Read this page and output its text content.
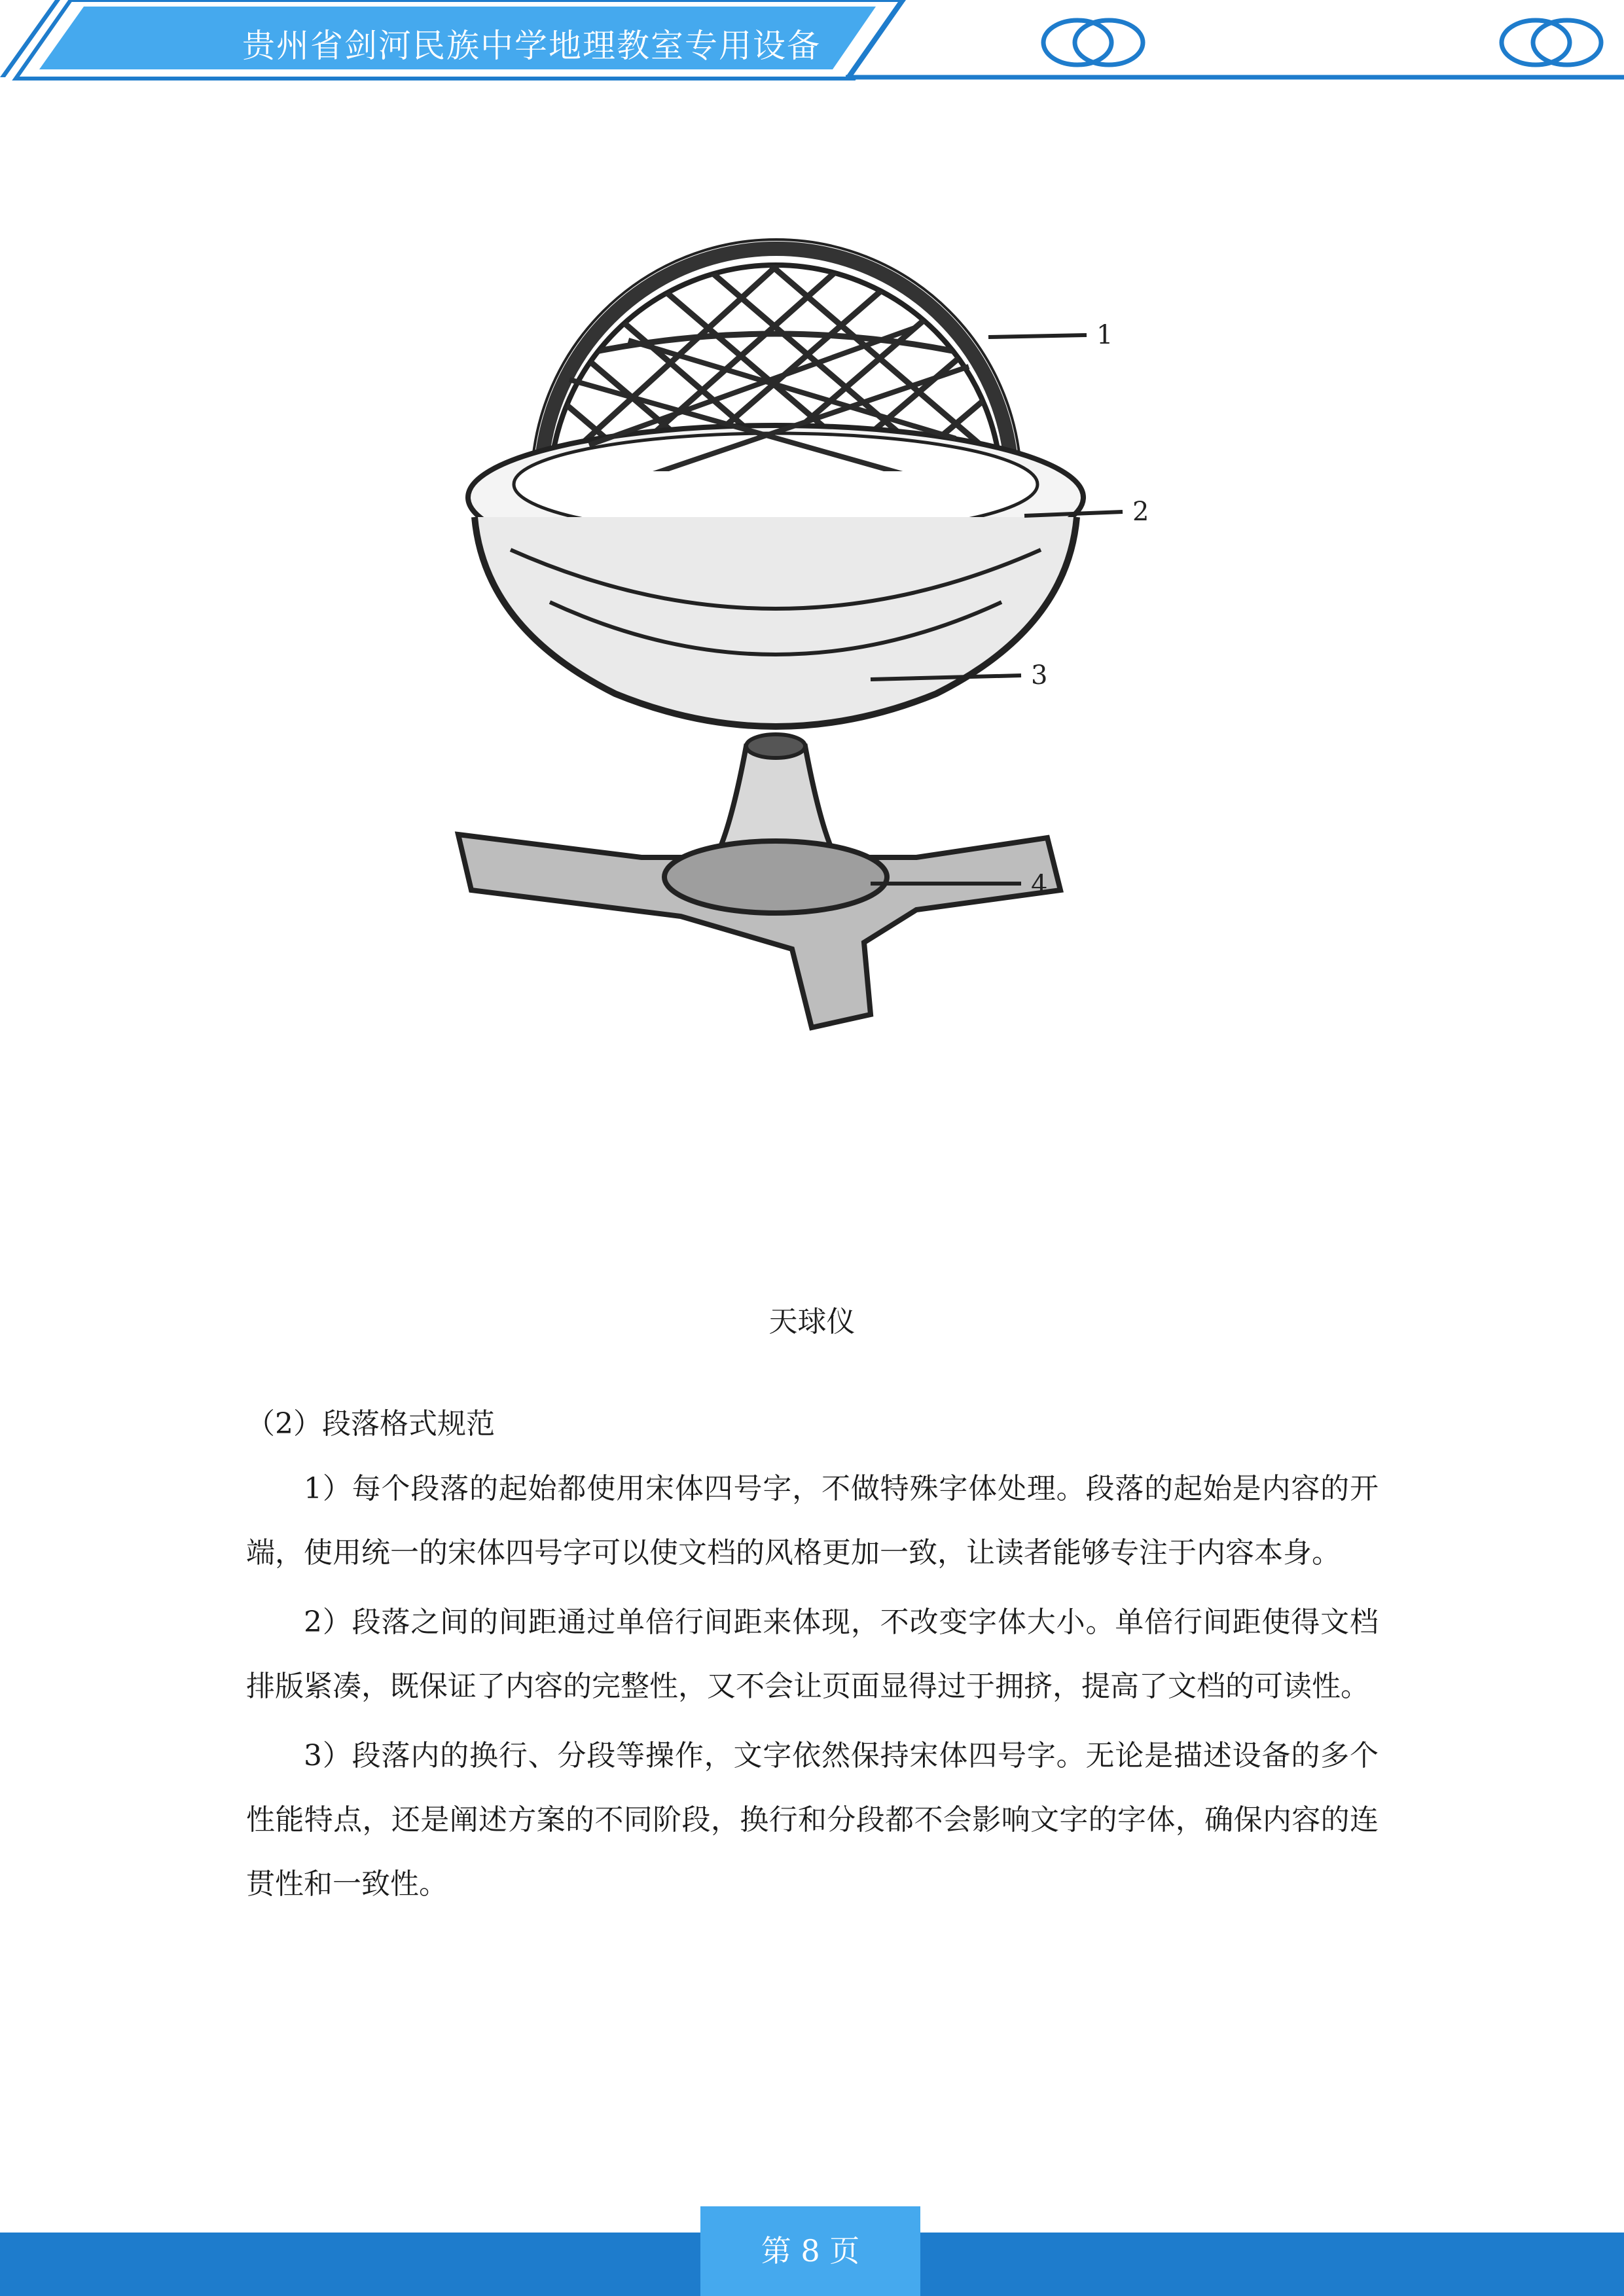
贵州省剑河民族中学地理教室专用设备
1
2
3
4
天球仪
（2）段落格式规范

1）每个段落的起始都使用宋体四号字，不做特殊字体处理。段落的起始是内容的开端，使用统一的宋体四号字可以使文档的风格更加一致，让读者能够专注于内容本身。

2）段落之间的间距通过单倍行间距来体现，不改变字体大小。单倍行间距使得文档排版紧凑，既保证了内容的完整性，又不会让页面显得过于拥挤，提高了文档的可读性。

3）段落内的换行、分段等操作，文字依然保持宋体四号字。无论是描述设备的多个性能特点，还是阐述方案的不同阶段，换行和分段都不会影响文字的字体，确保内容的连贯性和一致性。

第 8 页
